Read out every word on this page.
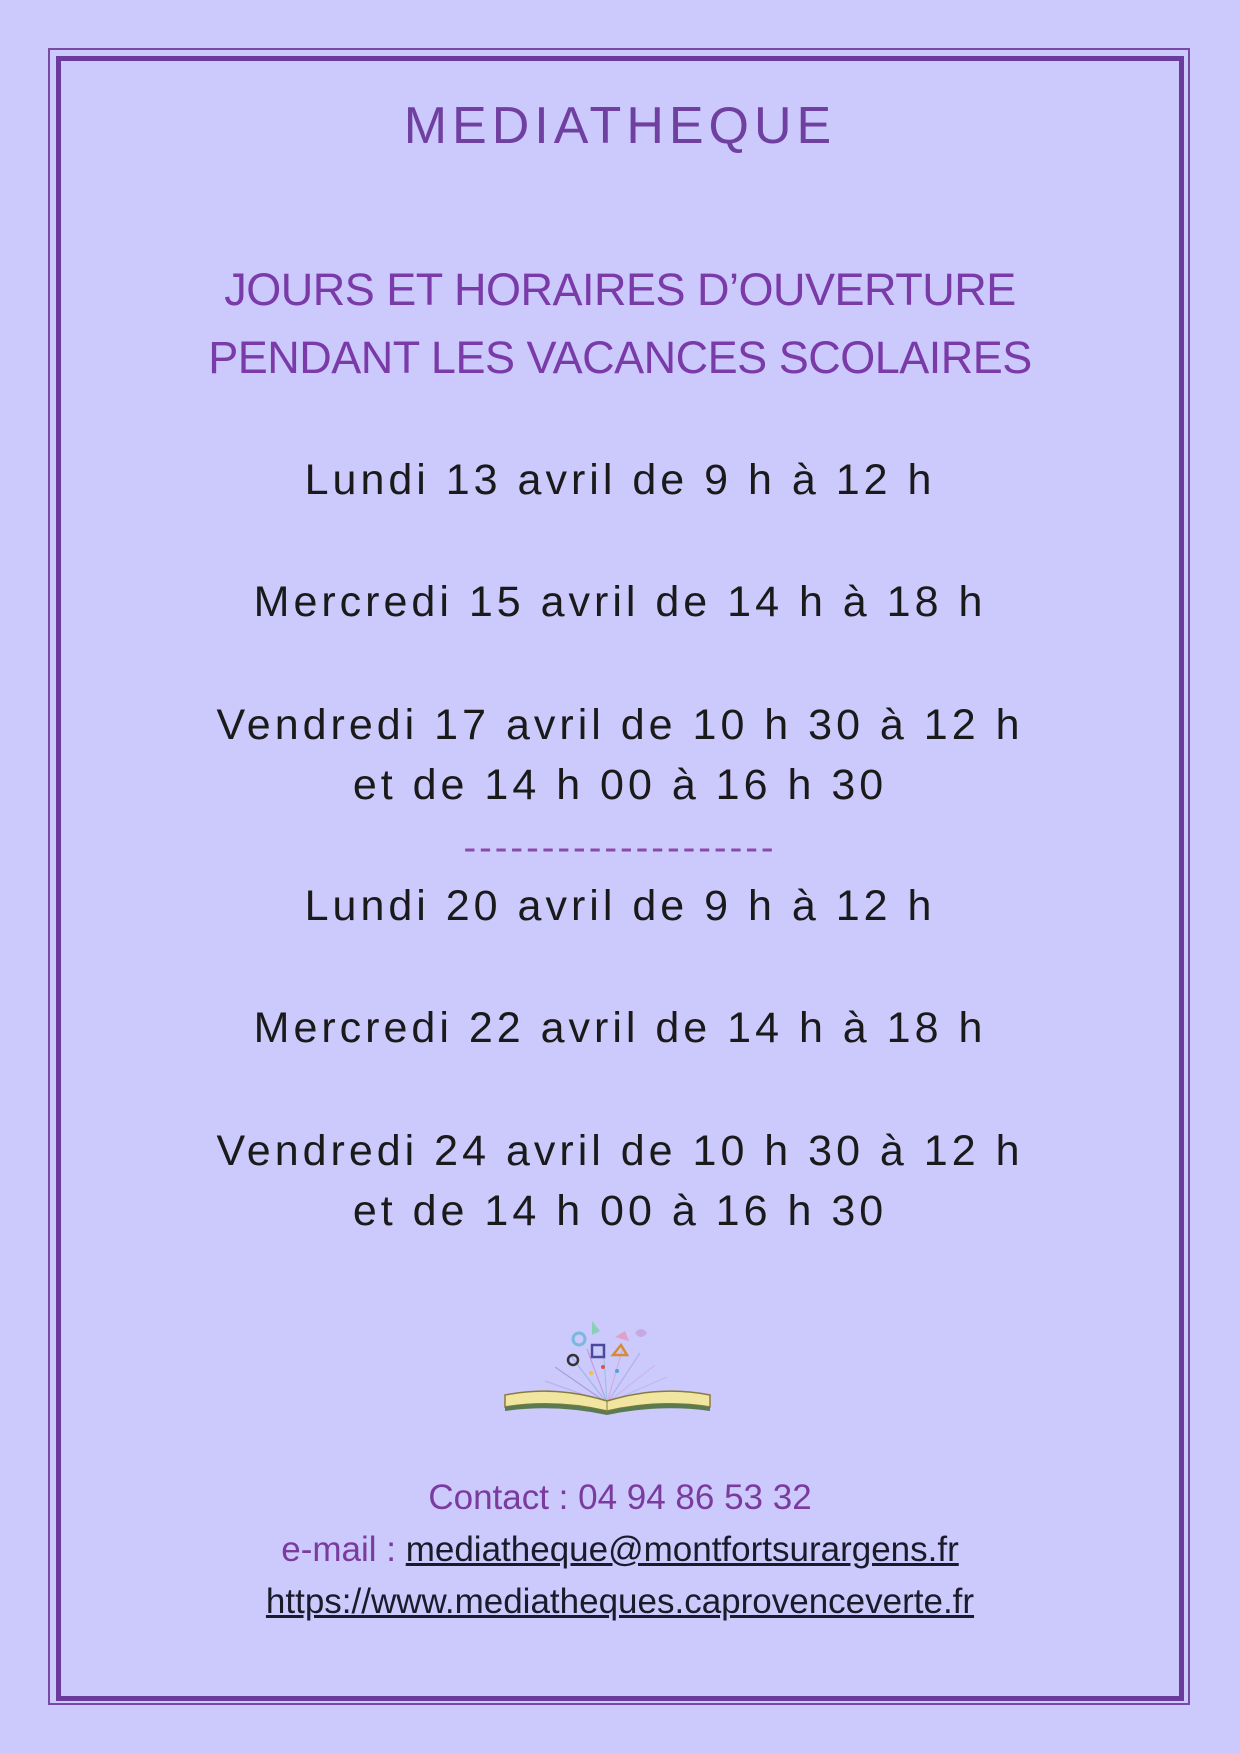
MEDIATHEQUE
JOURS ET HORAIRES D’OUVERTURE
PENDANT LES VACANCES SCOLAIRES
Lundi 13 avril de 9 h à 12 h
Mercredi 15 avril de 14 h à 18 h
Vendredi 17 avril de 10 h 30 à 12 h
et de 14 h 00 à 16 h 30
--------------------
Lundi 20 avril de 9 h à 12 h
Mercredi 22 avril de 14 h à 18 h
Vendredi 24 avril de 10 h 30 à 12 h
et de 14 h 00 à 16 h 30
Contact : 04 94 86 53 32
e-mail : mediatheque@montfortsurargens.fr
https://www.mediatheques.caprovenceverte.fr
